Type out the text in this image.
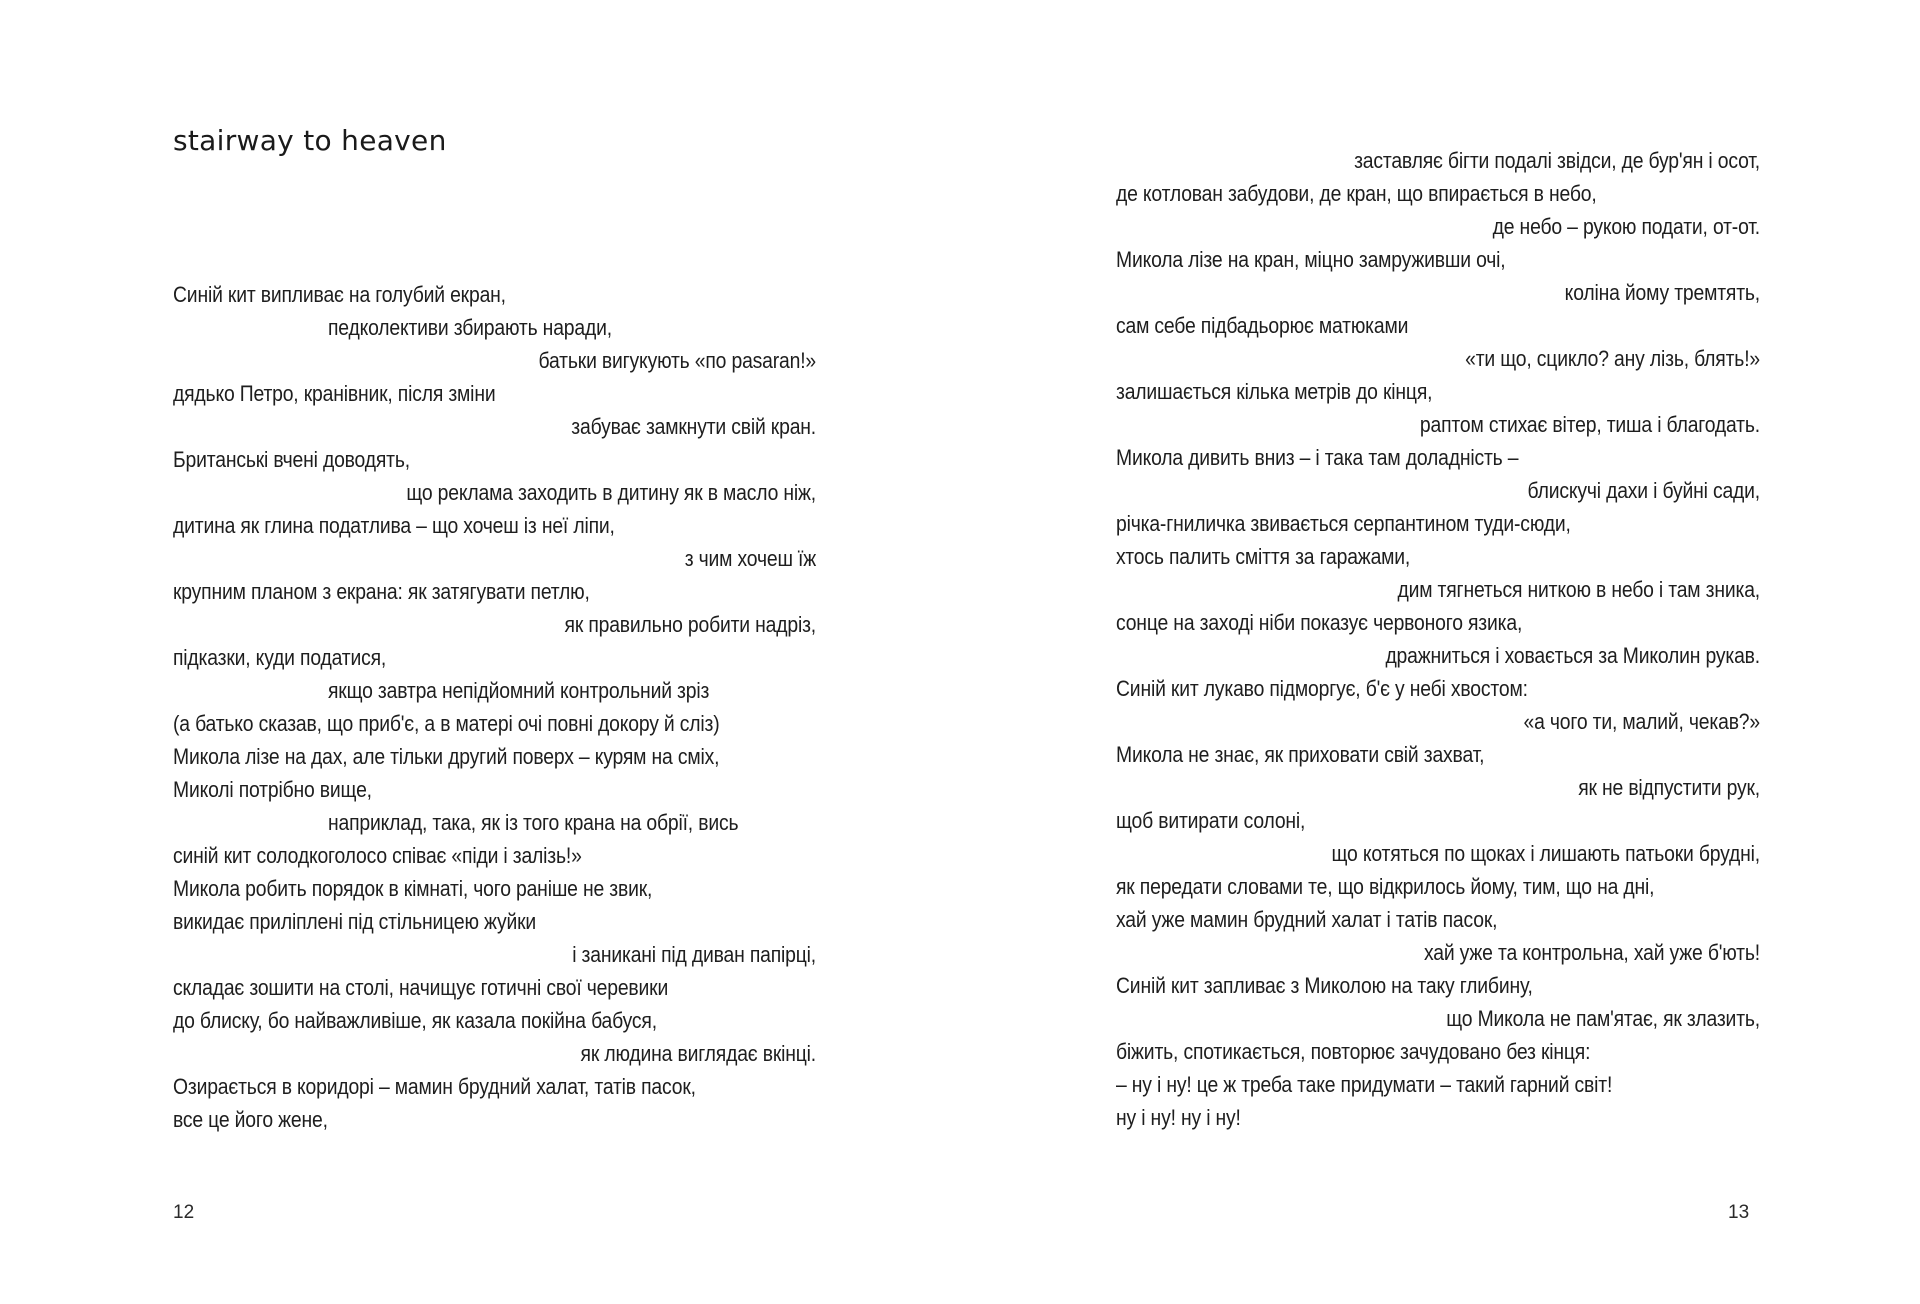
stairway to heaven
Синій кит випливає на голубий екран,
педколективи збирають наради,
батьки вигукують «по pasaran!»
дядько Петро, кранівник, після зміни
забуває замкнути свій кран.
Британські вчені доводять,
що реклама заходить в дитину як в масло ніж,
дитина як глина податлива – що хочеш із неї ліпи,
з чим хочеш їж
крупним планом з екрана: як затягувати петлю,
як правильно робити надріз,
підказки, куди податися,
якщо завтра непідйомний контрольний зріз
(а батько сказав, що приб'є, а в матері очі повні докору й сліз)
Микола лізе на дах, але тільки другий поверх – курям на сміх,
Миколі потрібно вище,
наприклад, така, як із того крана на обрії, вись
синій кит солодкоголосо співає «піди і залізь!»
Микола робить порядок в кімнаті, чого раніше не звик,
викидає приліплені під стільницею жуйки
і заникані під диван папірці,
складає зошити на столі, начищує готичні свої черевики
до блиску, бо найважливіше, як казала покійна бабуся,
як людина виглядає вкінці.
Озирається в коридорі – мамин брудний халат, татів пасок,
все це його жене,
12	13
заставляє бігти подалі звідси, де бур'ян і осот,
де котлован забудови, де кран, що впирається в небо,
де небо – рукою подати, от-от.
Микола лізе на кран, міцно замруживши очі,
коліна йому тремтять,
сам себе підбадьорює матюками
«ти що, сцикло? ану лізь, блять!»
залишається кілька метрів до кінця,
раптом стихає вітер, тиша і благодать.
Микола дивить вниз – і така там доладність –
блискучі дахи і буйні сади,
річка-гниличка звивається серпантином туди-сюди,
хтось палить сміття за гаражами,
дим тягнеться ниткою в небо і там зника,
сонце на заході ніби показує червоного язика,
дражниться і ховається за Миколин рукав.
Синій кит лукаво підморгує, б'є у небі хвостом:
«а чого ти, малий, чекав?»
Микола не знає, як приховати свій захват,
як не відпустити рук,
щоб витирати солоні,
що котяться по щоках і лишають патьоки брудні,
як передати словами те, що відкрилось йому, тим, що на дні,
хай уже мамин брудний халат і татів пасок,
хай уже та контрольна, хай уже б'ють!
Синій кит запливає з Миколою на таку глибину,
що Микола не пам'ятає, як злазить,
біжить, спотикається, повторює зачудовано без кінця:
– ну і ну! це ж треба таке придумати – такий гарний світ!
ну і ну! ну і ну!
